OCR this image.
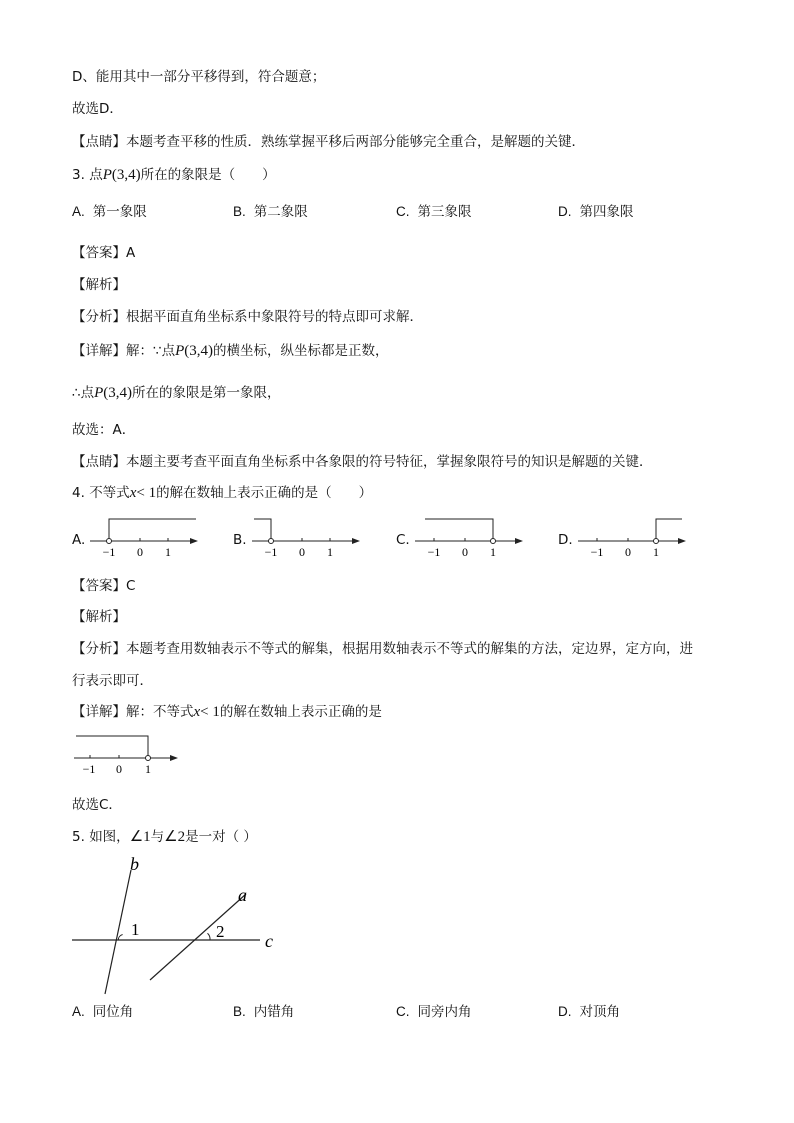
D、能用其中一部分平移得到，符合题意；
故选D．
【点睛】本题考查平移的性质．熟练掌握平移后两部分能够完全重合，是解题的关键．
3. 点P(3,4)所在的象限是（　　）
A. 第一象限	B. 第二象限	C. 第三象限	D. 第四象限
【答案】A
【解析】
【分析】根据平面直角坐标系中象限符号的特点即可求解．
【详解】解：∵点P(3,4)的横坐标，纵坐标都是正数，
∴点P(3,4)所在的象限是第一象限，
故选：A．
【点睛】本题主要考查平面直角坐标系中各象限的符号特征，掌握象限符号的知识是解题的关键．
4. 不等式x< 1的解在数轴上表示正确的是（　　）
A.
−1 0 1
B.
−1 0 1
C.
−1 0 1
D.
−1 0 1
【答案】C
【解析】
【分析】本题考查用数轴表示不等式的解集，根据用数轴表示不等式的解集的方法，定边界，定方向，进
行表示即可．
【详解】解：不等式x< 1的解在数轴上表示正确的是
−1 0 1
故选C．
5. 如图，∠1与∠2是一对（ ）
b
a
c
1	2
A. 同位角	B. 内错角	C. 同旁内角	D. 对顶角
